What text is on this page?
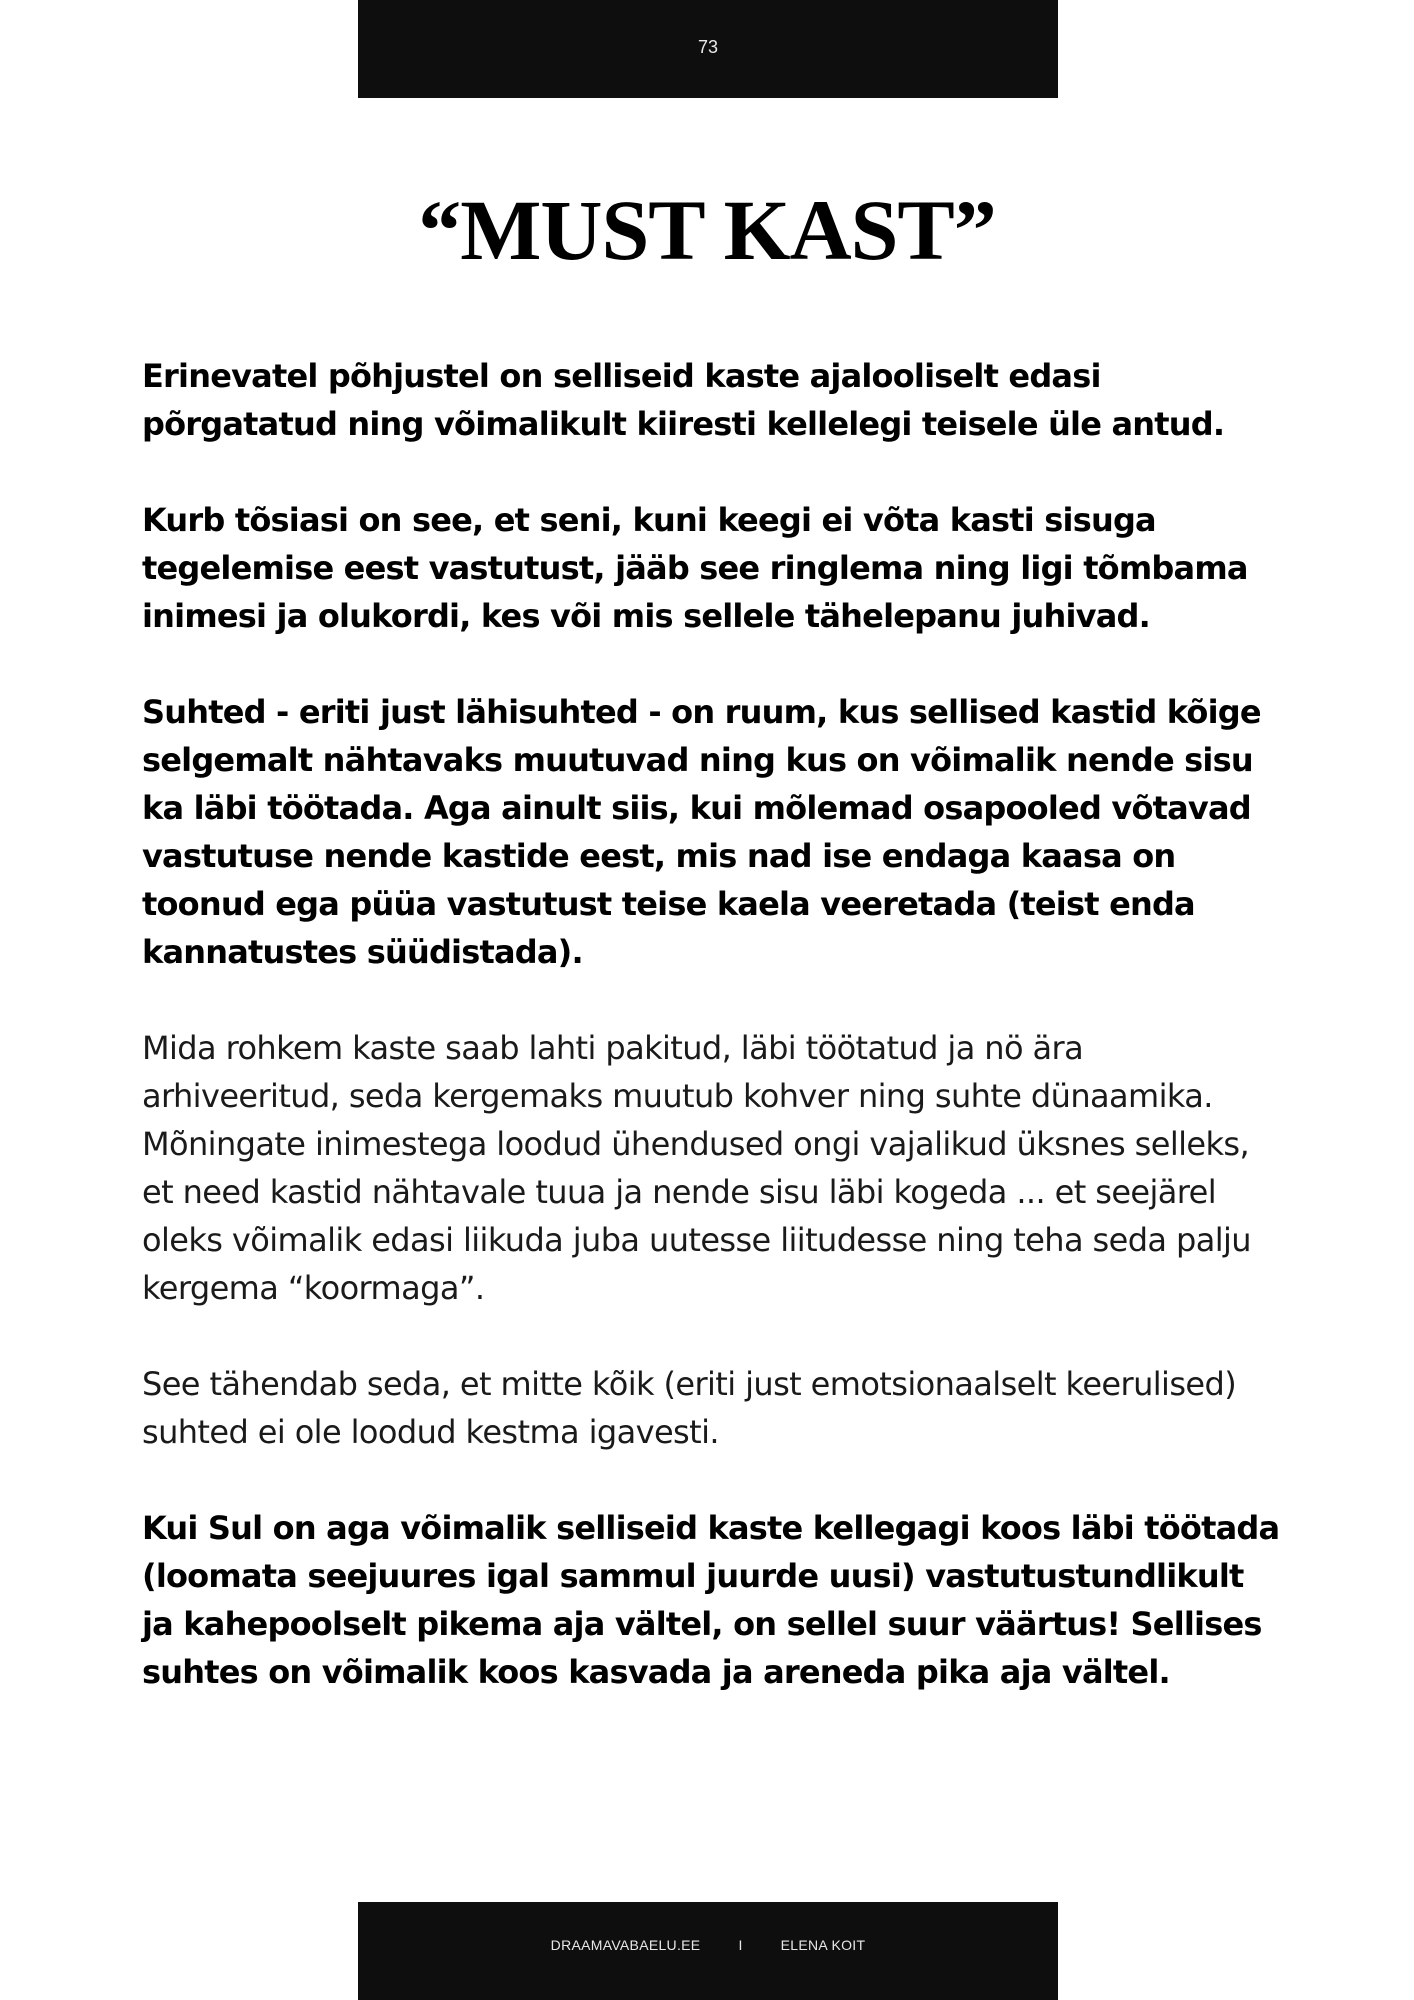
73
“MUST KAST”

Erinevatel põhjustel on selliseid kaste ajalooliselt edasi põrgatatud ning võimalikult kiiresti kellelegi teisele üle antud.

Kurb tõsiasi on see, et seni, kuni keegi ei võta kasti sisuga tegelemise eest vastutust, jääb see ringlema ning ligi tõmbama inimesi ja olukordi, kes või mis sellele tähelepanu juhivad.

Suhted - eriti just lähisuhted - on ruum, kus sellised kastid kõige selgemalt nähtavaks muutuvad ning kus on võimalik nende sisu ka läbi töötada. Aga ainult siis, kui mõlemad osapooled võtavad vastutuse nende kastide eest, mis nad ise endaga kaasa on toonud ega püüa vastutust teise kaela veeretada (teist enda kannatustes süüdistada).

Mida rohkem kaste saab lahti pakitud, läbi töötatud ja nö ära arhiveeritud, seda kergemaks muutub kohver ning suhte dünaamika.

Mõningate inimestega loodud ühendused ongi vajalikud üksnes selleks, et need kastid nähtavale tuua ja nende sisu läbi kogeda ... et seejärel oleks võimalik edasi liikuda juba uutesse liitudesse ning teha seda palju kergema “koormaga”.

See tähendab seda, et mitte kõik (eriti just emotsionaalselt keerulised) suhted ei ole loodud kestma igavesti.

Kui Sul on aga võimalik selliseid kaste kellegagi koos läbi töötada (loomata seejuures igal sammul juurde uusi) vastutustundlikult ja kahepoolselt pikema aja vältel, on sellel suur väärtus! Sellises suhtes on võimalik koos kasvada ja areneda pika aja vältel.

DRAAMAVABAELU.EE	I	ELENA KOIT
